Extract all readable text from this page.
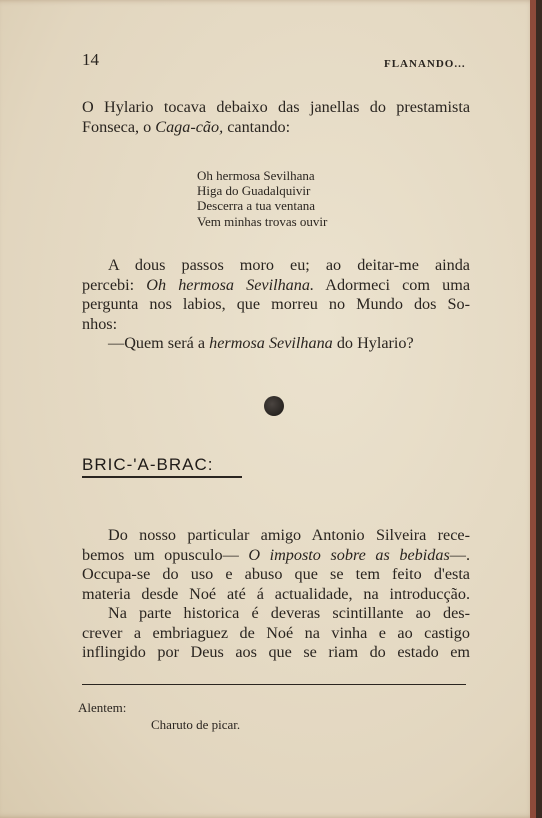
14	FLANANDO...
O Hylario tocava debaixo das janellas do prestamista
Fonseca, o Caga-cão, cantando:
Oh hermosa Sevilhana
Higa do Guadalquivir
Descerra a tua ventana
Vem minhas trovas ouvir
A dous passos moro eu; ao deitar-me ainda
percebi: Oh hermosa Sevilhana. Adormeci com uma
pergunta nos labios, que morreu no Mundo dos So-
nhos:
—Quem será a hermosa Sevilhana do Hylario?
BRIC-'A-BRAC:
Do nosso particular amigo Antonio Silveira rece-
bemos um opusculo— O imposto sobre as bebidas—.
Occupa-se do uso e abuso que se tem feito d'esta
materia desde Noé até á actualidade, na introducção.
Na parte historica é deveras scintillante ao des-
crever a embriaguez de Noé na vinha e ao castigo
inflingido por Deus aos que se riam do estado em
Alentem:
Charuto de picar.
